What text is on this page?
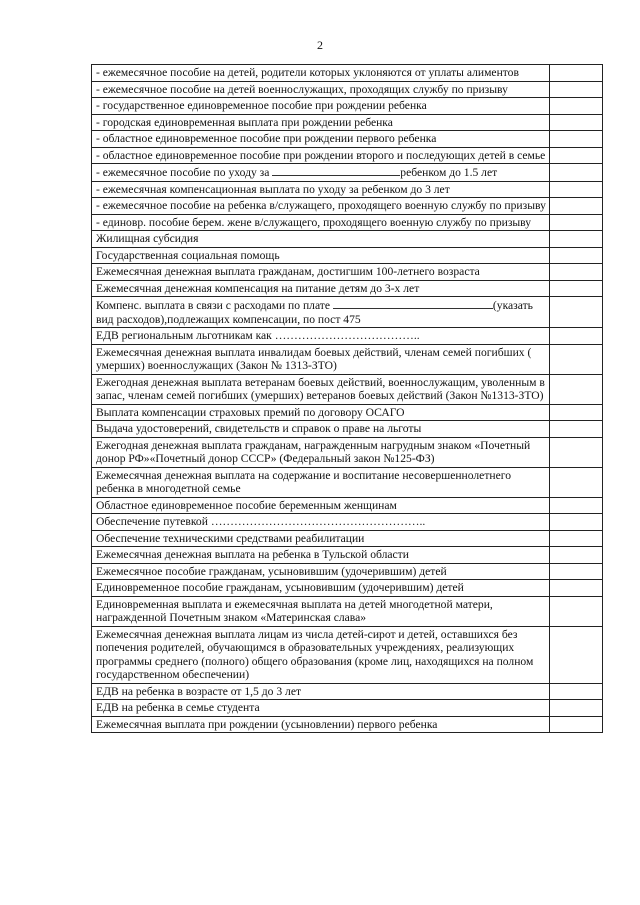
2
- ежемесячное пособие на детей, родители которых уклоняются от уплаты алиментов	
- ежемесячное пособие на детей военнослужащих, проходящих службу по призыву	
- государственное единовременное пособие при рождении ребенка	
- городская единовременная выплата при рождении ребенка	
- областное единовременное пособие при рождении первого ребенка	
- областное единовременное пособие при рождении второго и последующих детей в семье	
- ежемесячное пособие по уходу за ребенком до 1.5 лет	
- ежемесячная компенсационная выплата по уходу за ребенком до 3 лет	
- ежемесячное пособие на ребенка в/служащего, проходящего военную службу по призыву	
- единовр. пособие берем. жене в/служащего, проходящего военную службу по призыву	
Жилищная субсидия	
Государственная социальная помощь	
Ежемесячная денежная выплата гражданам, достигшим 100-летнего возраста	
Ежемесячная денежная компенсация на питание детям до 3-х лет	
Компенс. выплата в связи с расходами по плате (указать вид расходов),подлежащих компенсации, по пост 475	
ЕДВ региональным льготникам как ………………………………..	
Ежемесячная денежная выплата инвалидам боевых действий, членам семей погибших ( умерших) военнослужащих (Закон № 1313-ЗТО)	
Ежегодная денежная выплата ветеранам боевых действий, военнослужащим, уволенным в запас, членам семей погибших (умерших) ветеранов боевых действий (Закон №1313-ЗТО)	
Выплата компенсации страховых премий по договору ОСАГО	
Выдача удостоверений, свидетельств и справок о праве на льготы	
Ежегодная денежная выплата гражданам, награжденным нагрудным знаком «Почетный донор РФ»«Почетный донор СССР» (Федеральный закон №125-ФЗ)	
Ежемесячная денежная выплата на содержание и воспитание несовершеннолетнего ребенка в многодетной семье	
Областное единовременное пособие беременным женщинам	
Обеспечение путевкой ………………………………………………..	
Обеспечение техническими средствами реабилитации	
Ежемесячная денежная выплата на ребенка в Тульской области	
Ежемесячное пособие гражданам, усыновившим (удочерившим) детей	
Единовременное пособие гражданам, усыновившим (удочерившим) детей	
Единовременная выплата и ежемесячная выплата на детей многодетной матери, награжденной Почетным знаком «Материнская слава»	
Ежемесячная денежная выплата лицам из числа детей-сирот и детей, оставшихся без попечения родителей, обучающимся в образовательных учреждениях, реализующих программы среднего (полного) общего образования (кроме лиц, находящихся на полном государственном обеспечении)	
ЕДВ на ребенка в возрасте от 1,5 до 3 лет	
ЕДВ на ребенка в семье студента	
Ежемесячная выплата при рождении (усыновлении) первого ребенка	
